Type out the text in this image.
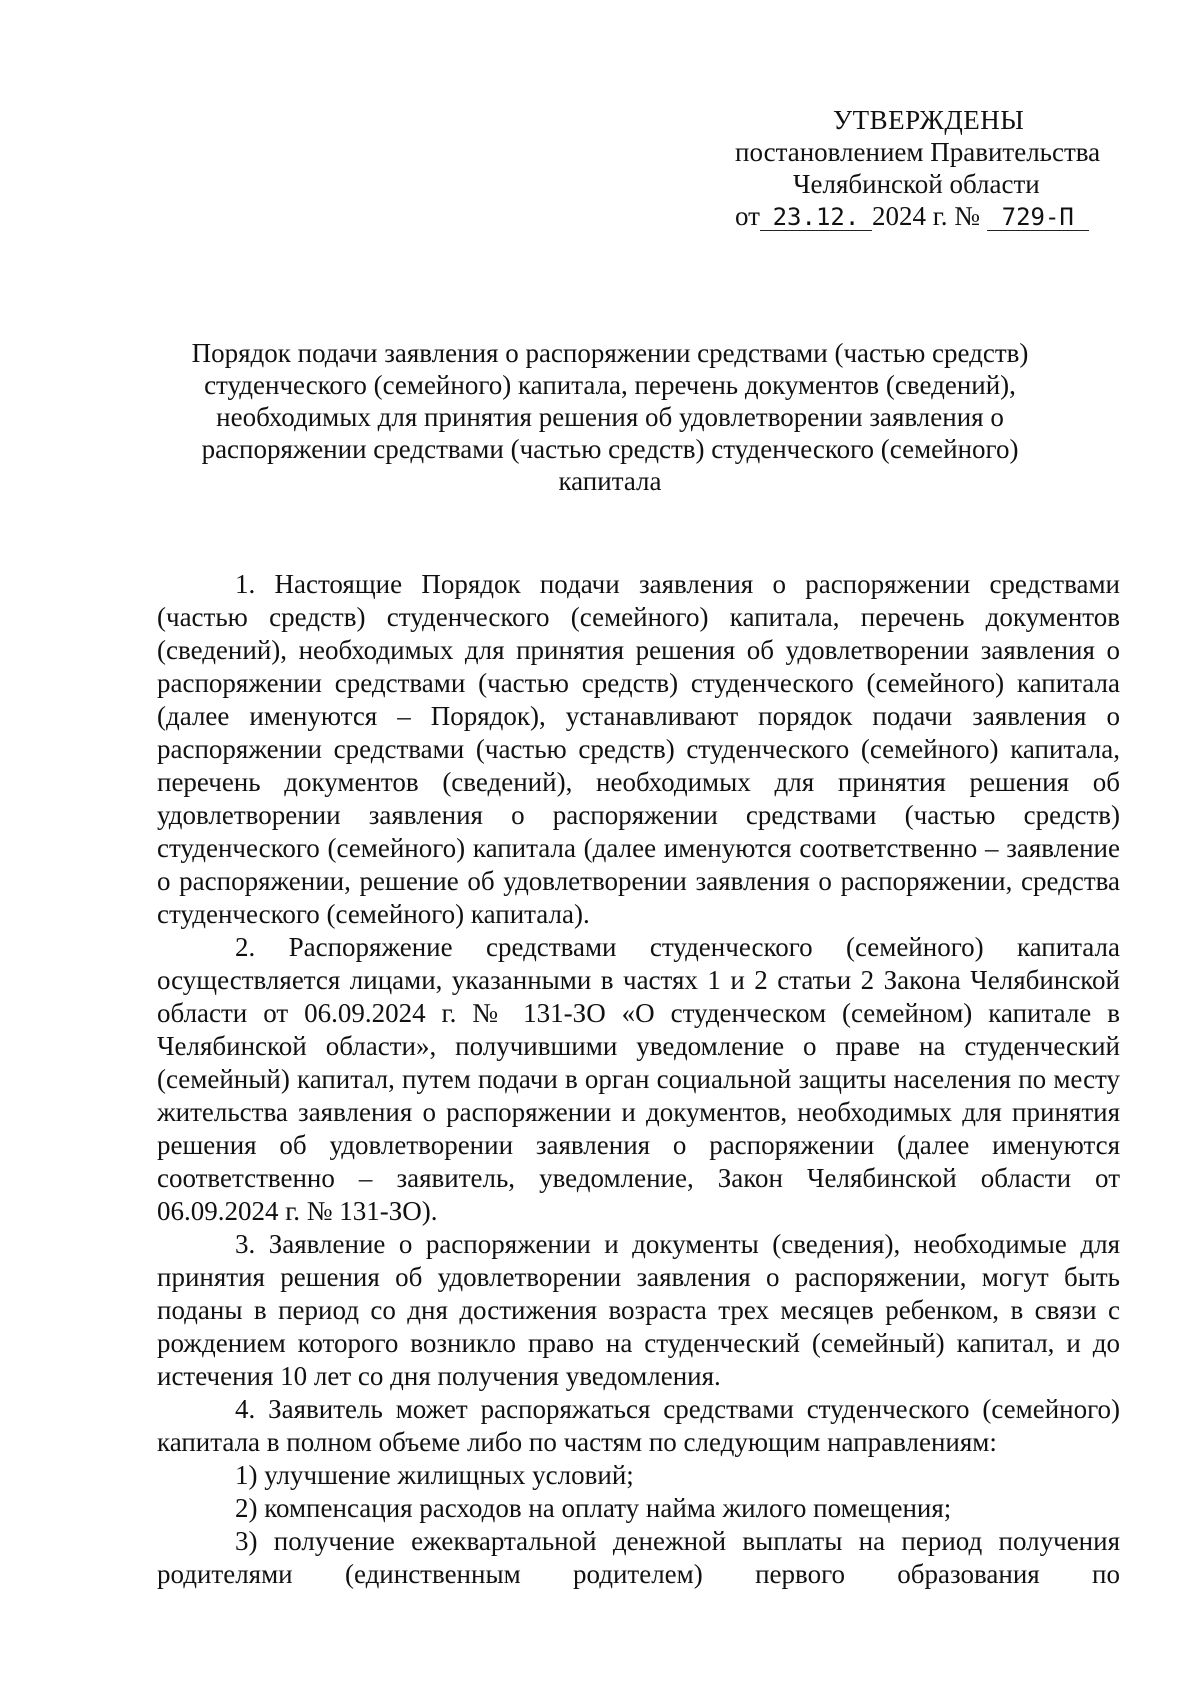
УТВЕРЖДЕНЫ
постановлением Правительства
Челябинской области
от 23.12. 2024 г. № 729-П
Порядок подачи заявления о распоряжении средствами (частью средств)
студенческого (семейного) капитала, перечень документов (сведений),
необходимых для принятия решения об удовлетворении заявления о
распоряжении средствами (частью средств) студенческого (семейного)
капитала

1. Настоящие Порядок подачи заявления о распоряжении средствами (частью средств) студенческого (семейного) капитала, перечень документов (сведений), необходимых для принятия решения об удовлетворении заявления о распоряжении средствами (частью средств) студенческого (семейного) капитала (далее именуются – Порядок), устанавливают порядок подачи заявления о распоряжении средствами (частью средств) студенческого (семейного) капитала, перечень документов (сведений), необходимых для принятия решения об удовлетворении заявления о распоряжении средствами (частью средств) студенческого (семейного) капитала (далее именуются соответственно – заявление о распоряжении, решение об удовлетворении заявления о распоряжении, средства студенческого (семейного) капитала).

2. Распоряжение средствами студенческого (семейного) капитала осуществляется лицами, указанными в частях 1 и 2 статьи 2 Закона Челябинской области от 06.09.2024 г. № 131-ЗО «О студенческом (семейном) капитале в Челябинской области», получившими уведомление о праве на студенческий (семейный) капитал, путем подачи в орган социальной защиты населения по месту жительства заявления о распоряжении и документов, необходимых для принятия решения об удовлетворении заявления о распоряжении (далее именуются соответственно – заявитель, уведомление, Закон Челябинской области от 06.09.2024 г. № 131-ЗО).

3. Заявление о распоряжении и документы (сведения), необходимые для принятия решения об удовлетворении заявления о распоряжении, могут быть поданы в период со дня достижения возраста трех месяцев ребенком, в связи с рождением которого возникло право на студенческий (семейный) капитал, и до истечения 10 лет со дня получения уведомления.

4. Заявитель может распоряжаться средствами студенческого (семейного) капитала в полном объеме либо по частям по следующим направлениям:

1) улучшение жилищных условий;

2) компенсация расходов на оплату найма жилого помещения;

3) получение ежеквартальной денежной выплаты на период получения родителями (единственным родителем) первого образования по
